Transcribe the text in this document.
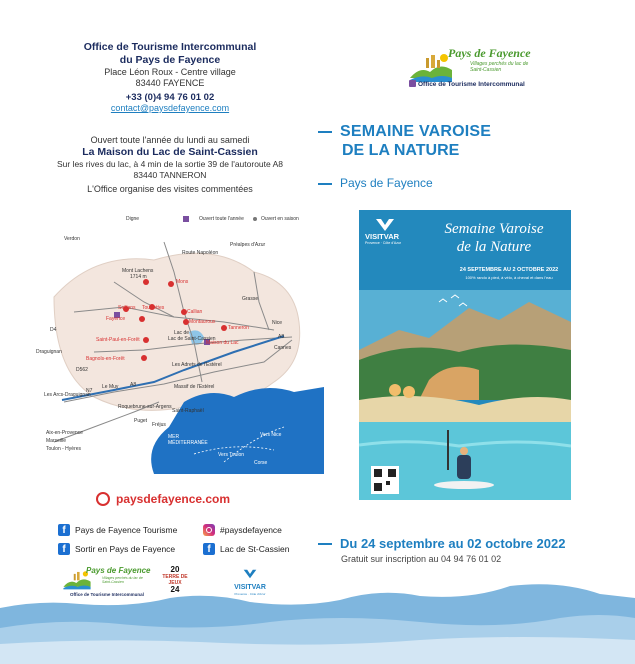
Office de Tourisme Intercommunal
du Pays de Fayence
Place Léon Roux - Centre village
83440 FAYENCE
+33 (0)4 94 76 01 02
contact@paysdefayence.com
Ouvert toute l'année du lundi au samedi
La Maison du Lac de Saint-Cassien
Sur les rives du lac, à 4 min de la sortie 39 de l'autoroute A8
83440 TANNERON
L'Office organise des visites commentées
Pays de Fayence
Villages perchés du lac de Saint-Cassien
Office de Tourisme Intercommunal
SEMAINE VAROISE
DE LA NATURE
Pays de Fayence
VISITVAR
Provence · Côte d'Azur
Semaine Varoise
de la Nature
24 SEPTEMBRE AU 2 OCTOBRE 2022
100% rando à pied, à vélo, à cheval et dans l'eau
Ouvert toute l'année	Ouvert en saison
Digne
Verdon
Préalpes d'Azur
Route Napoléon
Mont Lachens
1714 m
Mons
Grasse
Seillans Tourrettes
Fayence
Callian
Montauroux
Tanneron
Nice
Lac de
Lac de Saint-Cassien
Saint-Paul-en-Forêt	Maison du Lac
Cannes
A8
Draguignan
Bagnols-en-Forêt
Les Adrets de l'Estérel
D562
D4
Le Muy
N7
Les Arcs-Draguignan
A8	Massif de l'Estérel
Roquebrune-sur-Argens
Saint-Raphaël
Puget
Fréjus
Aix-en-Provence
Marseille
Toulon - Hyères
MER MÉDITERRANÉE
Vers Toulon
Vers Nice
Corse
paysdefayence.com
f	Pays de Fayence Tourisme
f	Sortir en Pays de Fayence
#paysdefayence
f	Lac de St-Cassien
Pays de Fayence
Villages perchés du lac de Saint-Cassien
Office de Tourisme Intercommunal
20
TERRE DE JEUX
24	VISITVAR
Provence · Côte d'Azur
Du 24 septembre au 02 octobre 2022
Gratuit sur inscription au 04 94 76 01 02
